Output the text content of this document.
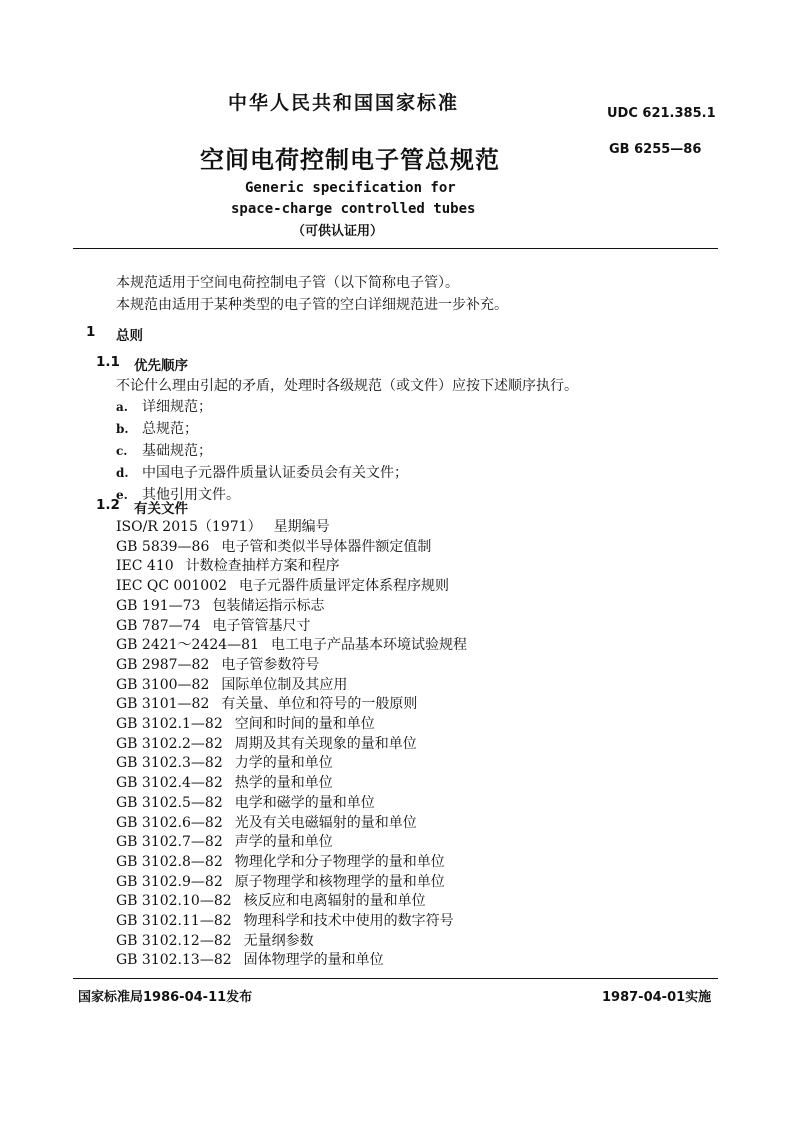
中华人民共和国国家标准	UDC 621.385.1
空间电荷控制电子管总规范	GB 6255—86
Generic specification for
space-charge controlled tubes
（可供认证用）
本规范适用于空间电荷控制电子管（以下简称电子管）。
本规范由适用于某种类型的电子管的空白详细规范进一步补充。
1 总则
1.1 优先顺序
不论什么理由引起的矛盾，处理时各级规范（或文件）应按下述顺序执行。
a. 详细规范；
b. 总规范；
c. 基础规范；
d. 中国电子元器件质量认证委员会有关文件；
e. 其他引用文件。
1.2 有关文件
ISO/R 2015（1971） 星期编号
GB 5839—86 电子管和类似半导体器件额定值制
IEC 410 计数检查抽样方案和程序
IEC QC 001002 电子元器件质量评定体系程序规则
GB 191—73 包装储运指示标志
GB 787—74 电子管管基尺寸
GB 2421～2424—81 电工电子产品基本环境试验规程
GB 2987—82 电子管参数符号
GB 3100—82 国际单位制及其应用
GB 3101—82 有关量、单位和符号的一般原则
GB 3102.1—82 空间和时间的量和单位
GB 3102.2—82 周期及其有关现象的量和单位
GB 3102.3—82 力学的量和单位
GB 3102.4—82 热学的量和单位
GB 3102.5—82 电学和磁学的量和单位
GB 3102.6—82 光及有关电磁辐射的量和单位
GB 3102.7—82 声学的量和单位
GB 3102.8—82 物理化学和分子物理学的量和单位
GB 3102.9—82 原子物理学和核物理学的量和单位
GB 3102.10—82 核反应和电离辐射的量和单位
GB 3102.11—82 物理科学和技术中使用的数字符号
GB 3102.12—82 无量纲参数
GB 3102.13—82 固体物理学的量和单位
国家标准局1986-04-11发布	1987-04-01实施
